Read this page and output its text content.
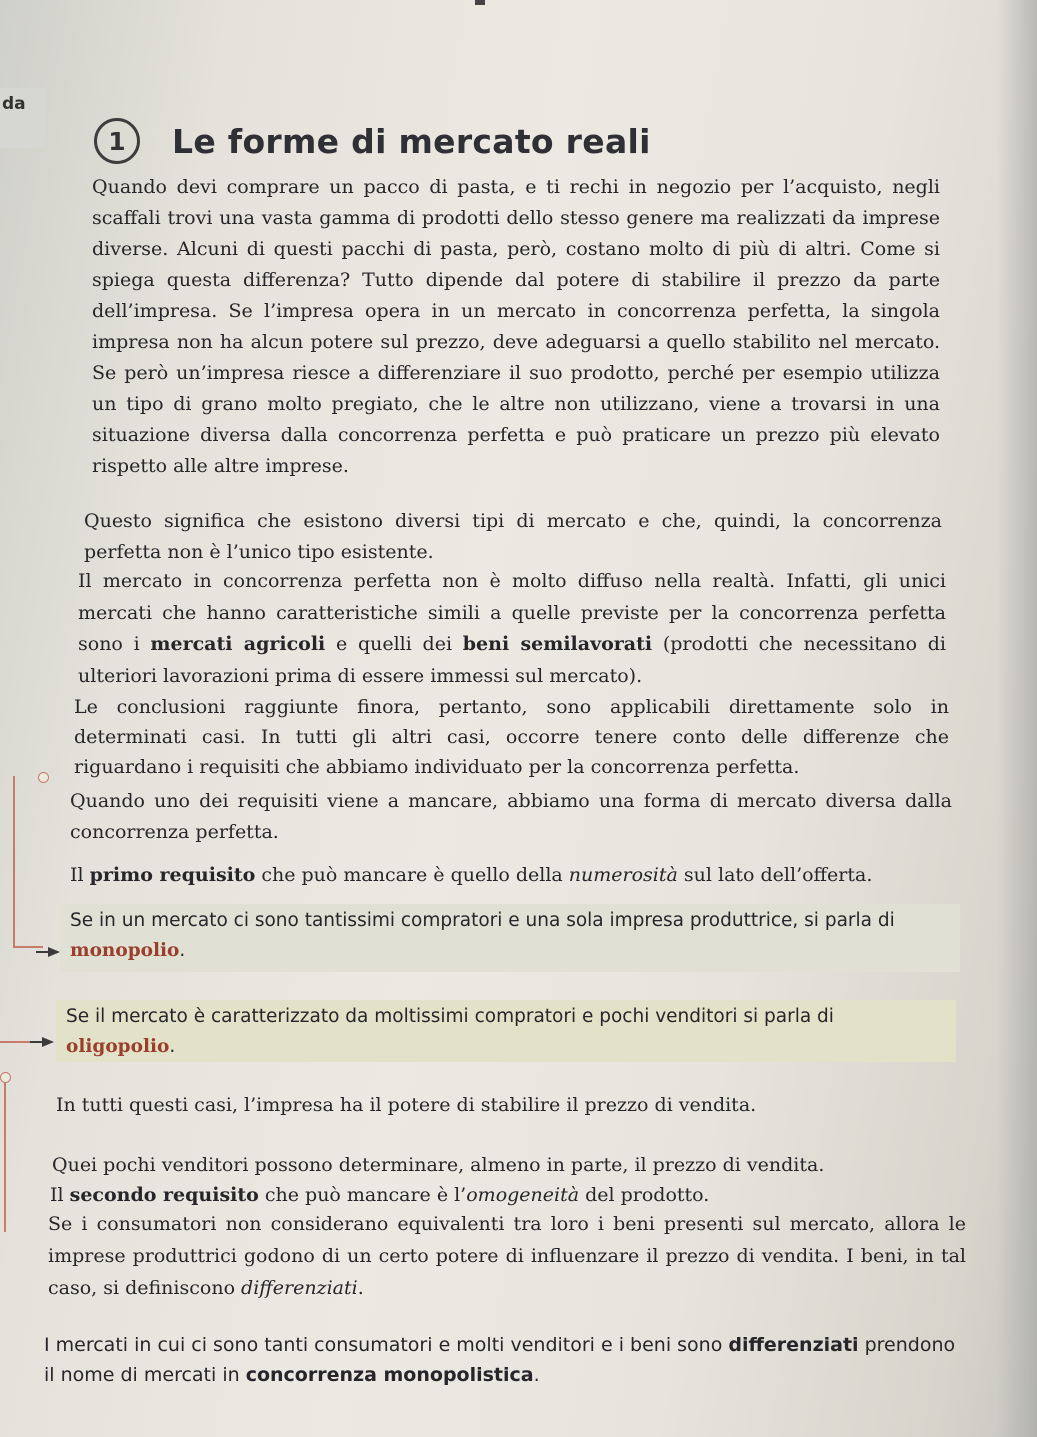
da
1	Le forme di mercato reali

Quando devi comprare un pacco di pasta, e ti rechi in negozio per l’acquisto, negli scaffali trovi una vasta gamma di prodotti dello stesso genere ma realizzati da imprese diverse. Alcuni di questi pacchi di pasta, però, costano molto di più di altri. Come si spiega questa differenza? Tutto dipende dal potere di stabilire il prezzo da parte dell’impresa. Se l’impresa opera in un mercato in concorrenza perfetta, la singola impresa non ha alcun potere sul prezzo, deve adeguarsi a quello stabilito nel mercato. Se però un’impresa riesce a differenziare il suo prodotto, perché per esempio utilizza un tipo di grano molto pregiato, che le altre non utilizzano, viene a trovarsi in una situazione diversa dalla concorrenza perfetta e può praticare un prezzo più elevato rispetto alle altre imprese.

Questo significa che esistono diversi tipi di mercato e che, quindi, la concorrenza perfetta non è l’unico tipo esistente.

Il mercato in concorrenza perfetta non è molto diffuso nella realtà. Infatti, gli unici mercati che hanno caratteristiche simili a quelle previste per la concorrenza perfetta sono i mercati agricoli e quelli dei beni semilavorati (prodotti che necessitano di ulteriori lavorazioni prima di essere immessi sul mercato).

Le conclusioni raggiunte finora, pertanto, sono applicabili direttamente solo in determinati casi. In tutti gli altri casi, occorre tenere conto delle differenze che riguardano i requisiti che abbiamo individuato per la concorrenza perfetta.

Quando uno dei requisiti viene a mancare, abbiamo una forma di mercato diversa dalla concorrenza perfetta.

Il primo requisito che può mancare è quello della numerosità sul lato dell’offerta.

Se in un mercato ci sono tantissimi compratori e una sola impresa produttrice, si parla di monopolio.

Se il mercato è caratterizzato da moltissimi compratori e pochi venditori si parla di oligopolio.

In tutti questi casi, l’impresa ha il potere di stabilire il prezzo di vendita.

Quei pochi venditori possono determinare, almeno in parte, il prezzo di vendita.

Il secondo requisito che può mancare è l’omogeneità del prodotto.

Se i consumatori non considerano equivalenti tra loro i beni presenti sul mercato, allora le imprese produttrici godono di un certo potere di influenzare il prezzo di vendita. I beni, in tal caso, si definiscono differenziati.

I mercati in cui ci sono tanti consumatori e molti venditori e i beni sono differenziati prendono il nome di mercati in concorrenza monopolistica.
